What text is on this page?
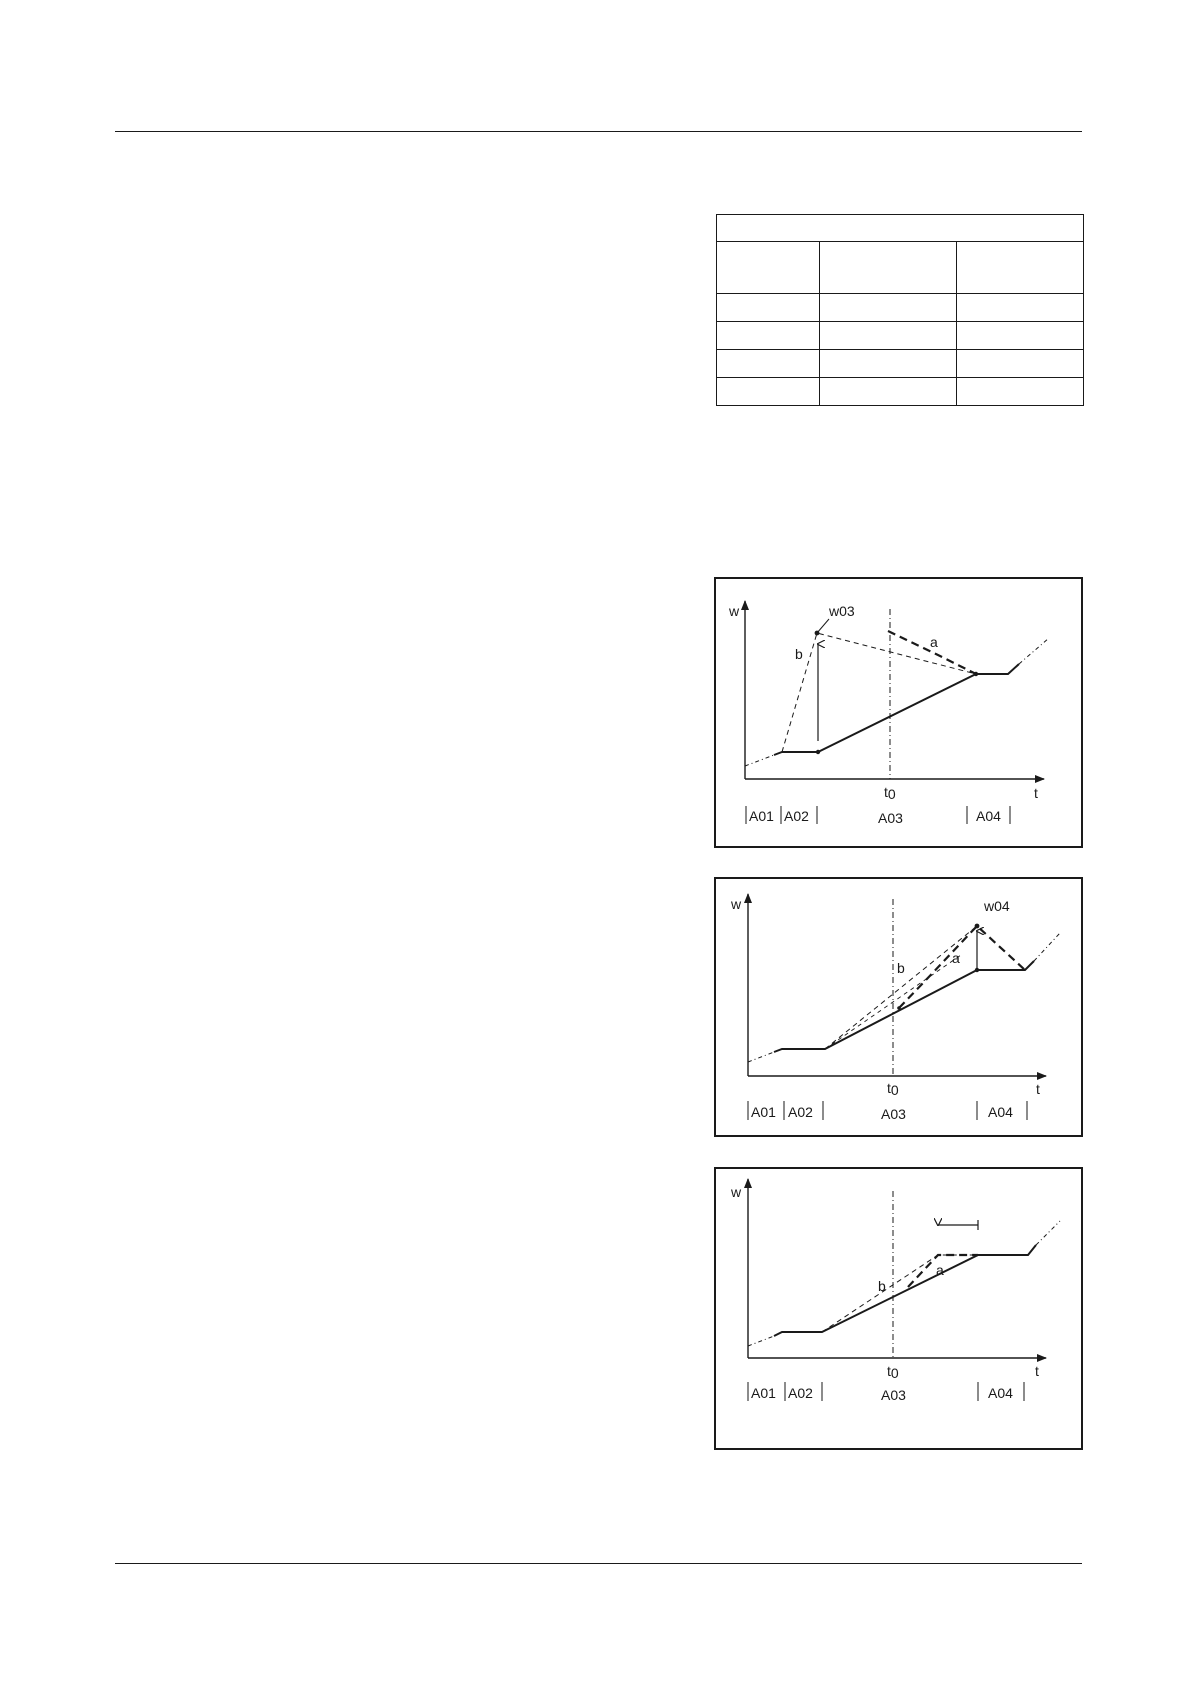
w
t
t0
w03
a
b
A01 A02	A03	A04
w
t
t0
w04
a
b
A01 A02	A03	A04
w
t
t0
a
b
A01 A02	A03	A04
